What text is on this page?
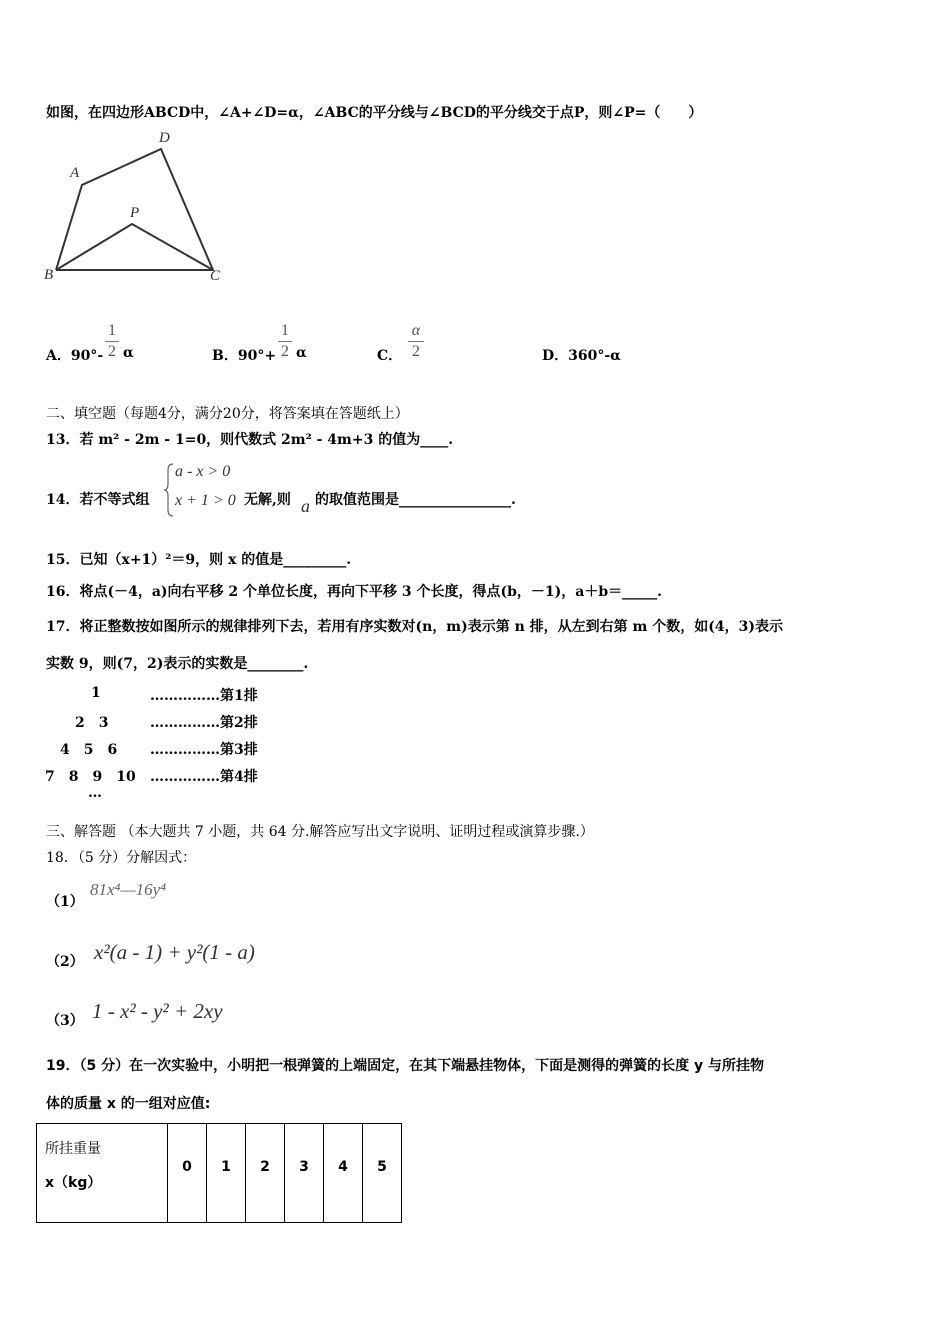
如图，在四边形ABCD中，∠A+∠D=α，∠ABC的平分线与∠BCD的平分线交于点P，则∠P=（　　）
D
A
P
B	C
A．90°-
1
2 α	B．90°+
1
2 α	C．
α
2	D．360°-α
二、填空题（每题4分，满分20分，将答案填在答题纸上）
13．若 m² - 2m - 1=0，则代数式 2m² - 4m+3 的值为____.
14．若不等式组
a - x > 0
x + 1 > 0 无解,则 a 的取值范围是________________.
15．已知（x+1）²＝9，则 x 的值是_________.
16．将点(－4，a)向右平移 2 个单位长度，再向下平移 3 个长度，得点(b，－1)，a＋b＝_____.
17．将正整数按如图所示的规律排列下去，若用有序实数对(n，m)表示第 n 排，从左到右第 m 个数，如(4，3)表示
实数 9，则(7，2)表示的实数是________.
1	……………第1排
2　3	……………第2排
4　5　6 ……………第3排
7　8　9　10 ……………第4排
…
三、解答题 （本大题共 7 小题，共 64 分.解答应写出文字说明、证明过程或演算步骤.）
18．（5 分）分解因式：
（1）
81x⁴—16y⁴
（2） x²(a - 1) + y²(1 - a)
（3） 1 - x² - y² + 2xy
19．（5 分）在一次实验中，小明把一根弹簧的上端固定，在其下端悬挂物体，下面是测得的弹簧的长度 y 与所挂物
体的质量 x 的一组对应值:
所挂重量
x（kg）
	0	1	2	3	4	5
